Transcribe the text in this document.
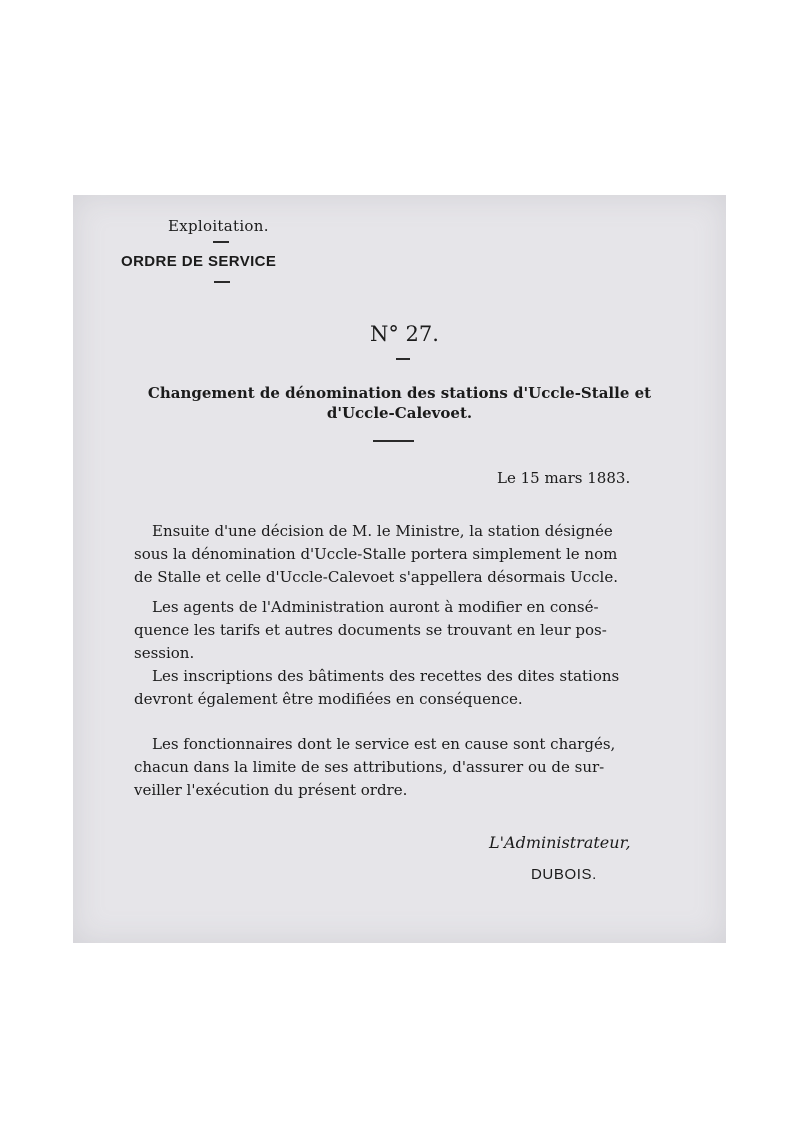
Exploitation.
ORDRE DE SERVICE
N° 27.
Changement de dénomination des stations d'Uccle-Stalle et
d'Uccle-Calevoet.
Le 15 mars 1883.
Ensuite d'une décision de M. le Ministre, la station désignée
sous la dénomination d'Uccle-Stalle portera simplement le nom
de Stalle et celle d'Uccle-Calevoet s'appellera désormais Uccle.
Les agents de l'Administration auront à modifier en consé-
quence les tarifs et autres documents se trouvant en leur pos-
session.
Les inscriptions des bâtiments des recettes des dites stations
devront également être modifiées en conséquence.
Les fonctionnaires dont le service est en cause sont chargés,
chacun dans la limite de ses attributions, d'assurer ou de sur-
veiller l'exécution du présent ordre.
L'Administrateur,
DUBOIS.
